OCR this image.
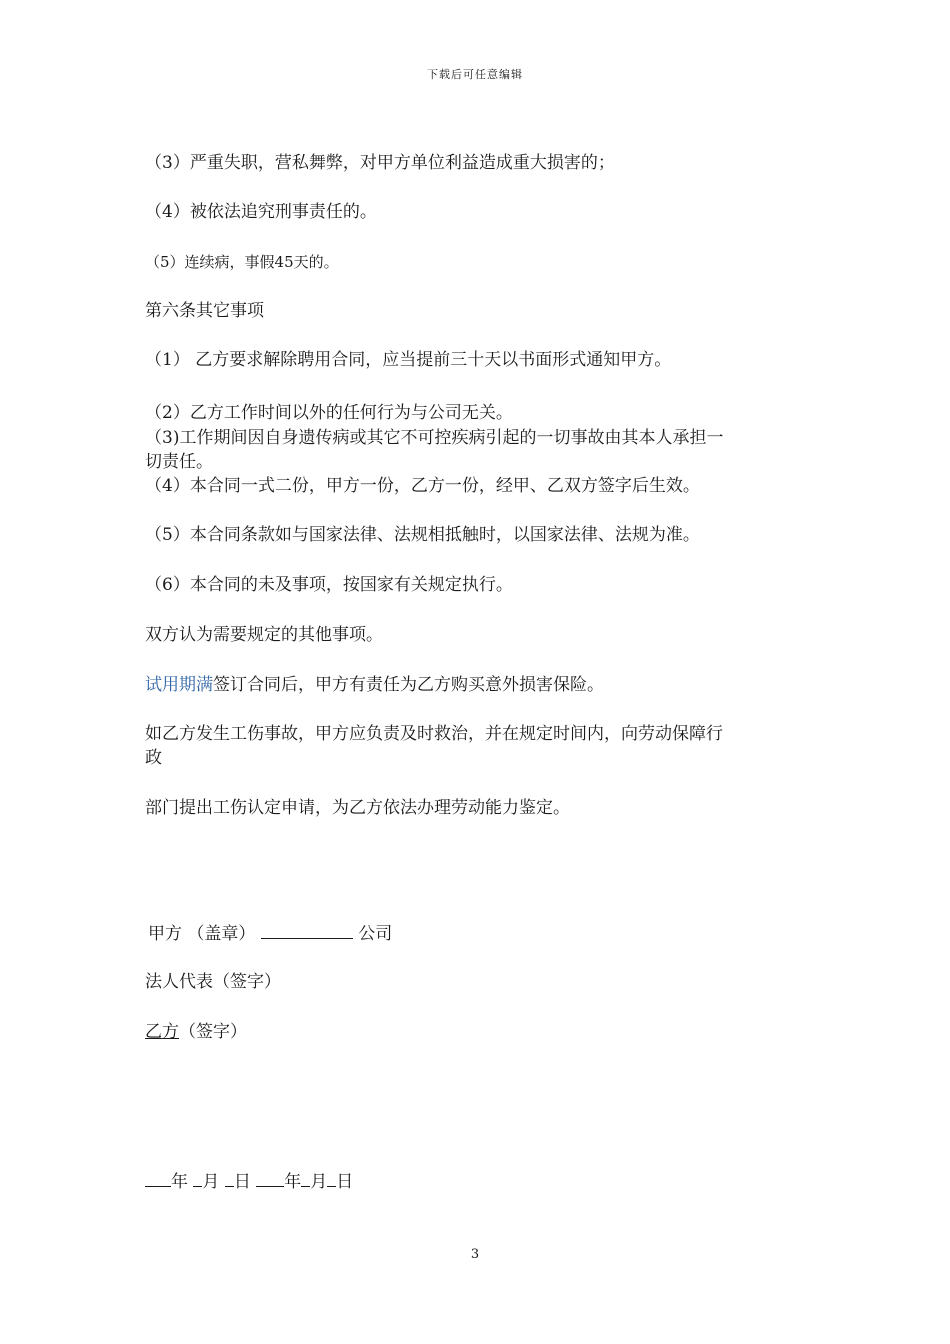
下载后可任意编辑
（3）严重失职，营私舞弊，对甲方单位利益造成重大损害的；
（4）被依法追究刑事责任的。
（5）连续病，事假45天的。
第六条其它事项
（1） 乙方要求解除聘用合同，应当提前三十天以书面形式通知甲方。
（2）乙方工作时间以外的任何行为与公司无关。
（3)工作期间因自身遗传病或其它不可控疾病引起的一切事故由其本人承担一
切责任。
（4）本合同一式二份，甲方一份，乙方一份，经甲、乙双方签字后生效。
（5）本合同条款如与国家法律、法规相抵触时，以国家法律、法规为准。
（6）本合同的未及事项，按国家有关规定执行。
双方认为需要规定的其他事项。
试用期满签订合同后，甲方有责任为乙方购买意外损害保险。
如乙方发生工伤事故，甲方应负责及时救治，并在规定时间内，向劳动保障行
政
部门提出工伤认定申请，为乙方依法办理劳动能力鉴定。
甲方 （盖章）	公司
法人代表（签字）
乙方（签字）
年 月 日 年 月 日
3
